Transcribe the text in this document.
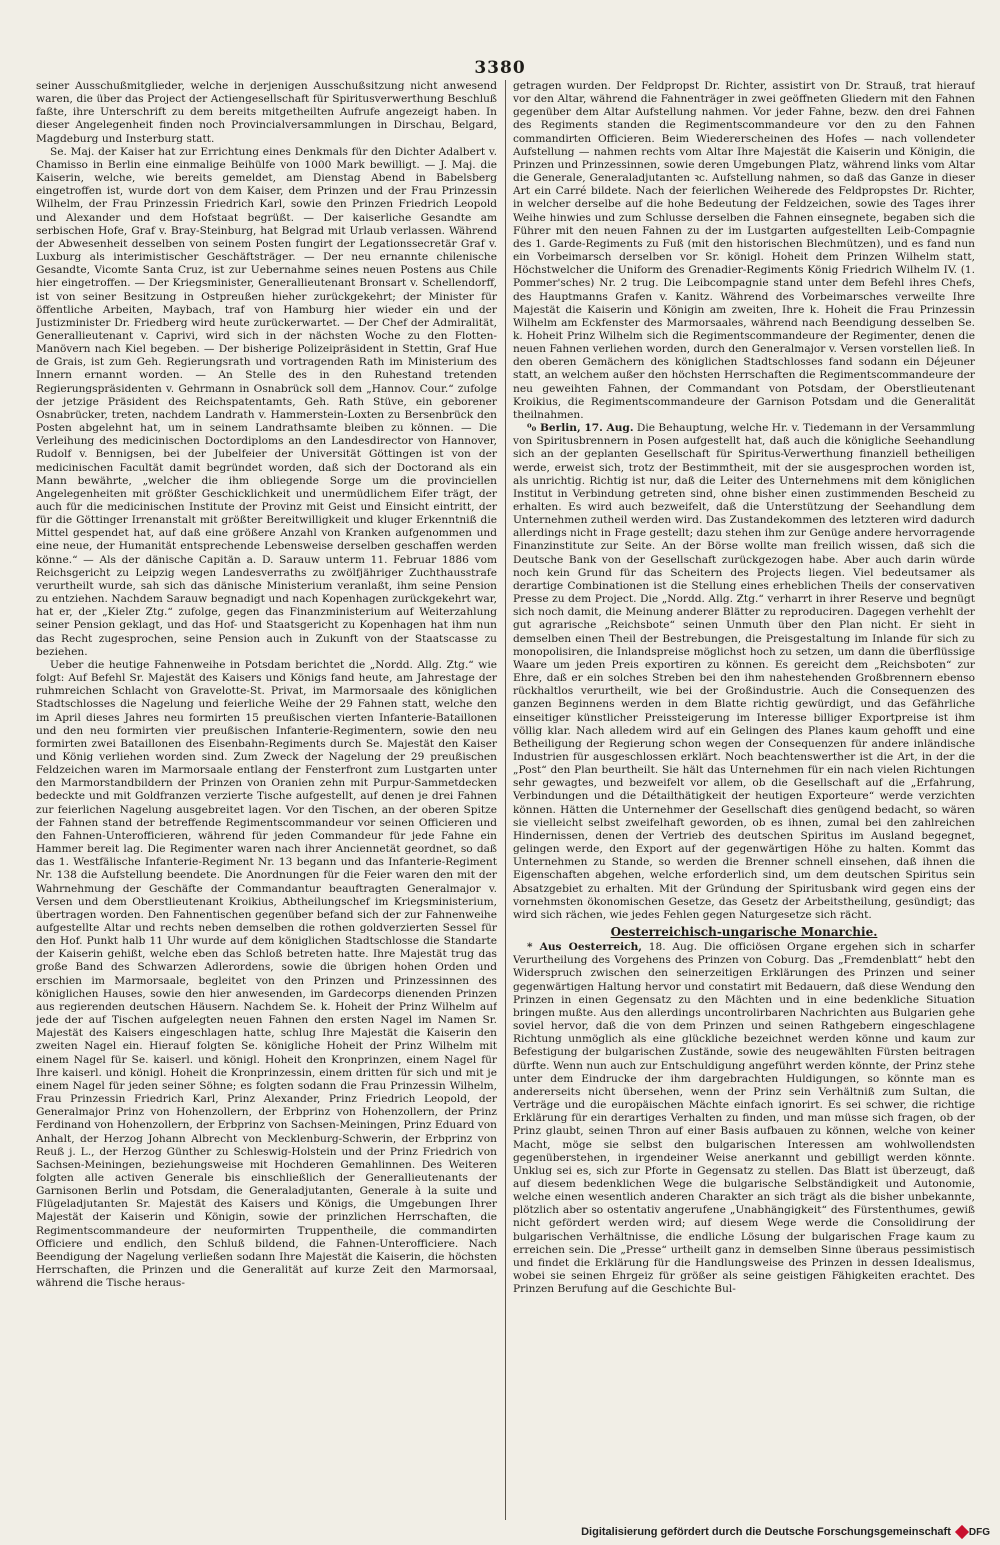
3380

seiner Ausschußmitglieder, welche in derjenigen Ausschußsitzung nicht anwesend waren, die über das Project der Actiengesellschaft für Spiritusverwerthung Beschluß faßte, ihre Unterschrift zu dem bereits mitgetheilten Aufrufe angezeigt haben. In dieser Angelegenheit finden noch Provincialversammlungen in Dirschau, Belgard, Magdeburg und Insterburg statt.

Se. Maj. der Kaiser hat zur Errichtung eines Denkmals für den Dichter Adalbert v. Chamisso in Berlin eine einmalige Beihülfe von 1000 Mark bewilligt. — J. Maj. die Kaiserin, welche, wie bereits gemeldet, am Dienstag Abend in Babelsberg eingetroffen ist, wurde dort von dem Kaiser, dem Prinzen und der Frau Prinzessin Wilhelm, der Frau Prinzessin Friedrich Karl, sowie den Prinzen Friedrich Leopold und Alexander und dem Hofstaat begrüßt. — Der kaiserliche Gesandte am serbischen Hofe, Graf v. Bray-Steinburg, hat Belgrad mit Urlaub verlassen. Während der Abwesenheit desselben von seinem Posten fungirt der Legationssecretär Graf v. Luxburg als interimistischer Geschäftsträger. — Der neu ernannte chilenische Gesandte, Vicomte Santa Cruz, ist zur Uebernahme seines neuen Postens aus Chile hier eingetroffen. — Der Kriegsminister, Generallieutenant Bronsart v. Schellendorff, ist von seiner Besitzung in Ostpreußen hieher zurückgekehrt; der Minister für öffentliche Arbeiten, Maybach, traf von Hamburg hier wieder ein und der Justizminister Dr. Friedberg wird heute zurückerwartet. — Der Chef der Admiralität, Generallieutenant v. Caprivi, wird sich in der nächsten Woche zu den Flotten-Manövern nach Kiel begeben. — Der bisherige Polizeipräsident in Stettin, Graf Hue de Grais, ist zum Geh. Regierungsrath und vortragenden Rath im Ministerium des Innern ernannt worden. — An Stelle des in den Ruhestand tretenden Regierungspräsidenten v. Gehrmann in Osnabrück soll dem „Hannov. Cour.“ zufolge der jetzige Präsident des Reichspatentamts, Geh. Rath Stüve, ein geborener Osnabrücker, treten, nachdem Landrath v. Hammerstein-Loxten zu Bersenbrück den Posten abgelehnt hat, um in seinem Landrathsamte bleiben zu können. — Die Verleihung des medicinischen Doctordiploms an den Landesdirector von Hannover, Rudolf v. Bennigsen, bei der Jubelfeier der Universität Göttingen ist von der medicinischen Facultät damit begründet worden, daß sich der Doctorand als ein Mann bewährte, „welcher die ihm obliegende Sorge um die provinciellen Angelegenheiten mit größter Geschicklichkeit und unermüdlichem Eifer trägt, der auch für die medicinischen Institute der Provinz mit Geist und Einsicht eintritt, der für die Göttinger Irrenanstalt mit größter Bereitwilligkeit und kluger Erkenntniß die Mittel gespendet hat, auf daß eine größere Anzahl von Kranken aufgenommen und eine neue, der Humanität entsprechende Lebensweise derselben geschaffen werden könne.“ — Als der dänische Capitän a. D. Sarauw unterm 11. Februar 1886 vom Reichsgericht zu Leipzig wegen Landesverraths zu zwölfjähriger Zuchthausstrafe verurtheilt wurde, sah sich das dänische Ministerium veranlaßt, ihm seine Pension zu entziehen. Nachdem Sarauw begnadigt und nach Kopenhagen zurückgekehrt war, hat er, der „Kieler Ztg.“ zufolge, gegen das Finanzministerium auf Weiterzahlung seiner Pension geklagt, und das Hof- und Staatsgericht zu Kopenhagen hat ihm nun das Recht zugesprochen, seine Pension auch in Zukunft von der Staatscasse zu beziehen.

Ueber die heutige Fahnenweihe in Potsdam berichtet die „Nordd. Allg. Ztg.“ wie folgt: Auf Befehl Sr. Majestät des Kaisers und Königs fand heute, am Jahrestage der ruhmreichen Schlacht von Gravelotte-St. Privat, im Marmorsaale des königlichen Stadtschlosses die Nagelung und feierliche Weihe der 29 Fahnen statt, welche den im April dieses Jahres neu formirten 15 preußischen vierten Infanterie-Bataillonen und den neu formirten vier preußischen Infanterie-Regimentern, sowie den neu formirten zwei Bataillonen des Eisenbahn-Regiments durch Se. Majestät den Kaiser und König verliehen worden sind. Zum Zweck der Nagelung der 29 preußischen Feldzeichen waren im Marmorsaale entlang der Fensterfront zum Lustgarten unter den Marmorstandbildern der Prinzen von Oranien zehn mit Purpur-Sammetdecken bedeckte und mit Goldfranzen verzierte Tische aufgestellt, auf denen je drei Fahnen zur feierlichen Nagelung ausgebreitet lagen. Vor den Tischen, an der oberen Spitze der Fahnen stand der betreffende Regimentscommandeur vor seinen Officieren und den Fahnen-Unterofficieren, während für jeden Commandeur für jede Fahne ein Hammer bereit lag. Die Regimenter waren nach ihrer Anciennetät geordnet, so daß das 1. Westfälische Infanterie-Regiment Nr. 13 begann und das Infanterie-Regiment Nr. 138 die Aufstellung beendete. Die Anordnungen für die Feier waren den mit der Wahrnehmung der Geschäfte der Commandantur beauftragten Generalmajor v. Versen und dem Oberstlieutenant Kroikius, Abtheilungschef im Kriegsministerium, übertragen worden. Den Fahnentischen gegenüber befand sich der zur Fahnenweihe aufgestellte Altar und rechts neben demselben die rothen goldverzierten Sessel für den Hof. Punkt halb 11 Uhr wurde auf dem königlichen Stadtschlosse die Standarte der Kaiserin gehißt, welche eben das Schloß betreten hatte. Ihre Majestät trug das große Band des Schwarzen Adlerordens, sowie die übrigen hohen Orden und erschien im Marmorsaale, begleitet von den Prinzen und Prinzessinnen des königlichen Hauses, sowie den hier anwesenden, im Gardecorps dienenden Prinzen aus regierenden deutschen Häusern. Nachdem Se. k. Hoheit der Prinz Wilhelm auf jede der auf Tischen aufgelegten neuen Fahnen den ersten Nagel im Namen Sr. Majestät des Kaisers eingeschlagen hatte, schlug Ihre Majestät die Kaiserin den zweiten Nagel ein. Hierauf folgten Se. königliche Hoheit der Prinz Wilhelm mit einem Nagel für Se. kaiserl. und königl. Hoheit den Kronprinzen, einem Nagel für Ihre kaiserl. und königl. Hoheit die Kronprinzessin, einem dritten für sich und mit je einem Nagel für jeden seiner Söhne; es folgten sodann die Frau Prinzessin Wilhelm, Frau Prinzessin Friedrich Karl, Prinz Alexander, Prinz Friedrich Leopold, der Generalmajor Prinz von Hohenzollern, der Erbprinz von Hohenzollern, der Prinz Ferdinand von Hohenzollern, der Erbprinz von Sachsen-Meiningen, Prinz Eduard von Anhalt, der Herzog Johann Albrecht von Mecklenburg-Schwerin, der Erbprinz von Reuß j. L., der Herzog Günther zu Schleswig-Holstein und der Prinz Friedrich von Sachsen-Meiningen, beziehungsweise mit Hochderen Gemahlinnen. Des Weiteren folgten alle activen Generale bis einschließlich der Generallieutenants der Garnisonen Berlin und Potsdam, die Generaladjutanten, Generale à la suite und Flügeladjutanten Sr. Majestät des Kaisers und Königs, die Umgebungen Ihrer Majestät der Kaiserin und Königin, sowie der prinzlichen Herrschaften, die Regimentscommandeure der neuformirten Truppentheile, die commandirten Officiere und endlich, den Schluß bildend, die Fahnen-Unterofficiere. Nach Beendigung der Nagelung verließen sodann Ihre Majestät die Kaiserin, die höchsten Herrschaften, die Prinzen und die Generalität auf kurze Zeit den Marmorsaal, während die Tische heraus-

getragen wurden. Der Feldpropst Dr. Richter, assistirt von Dr. Strauß, trat hierauf vor den Altar, während die Fahnenträger in zwei geöffneten Gliedern mit den Fahnen gegenüber dem Altar Aufstellung nahmen. Vor jeder Fahne, bezw. den drei Fahnen des Regiments standen die Regimentscommandeure vor den zu den Fahnen commandirten Officieren. Beim Wiedererscheinen des Hofes — nach vollendeter Aufstellung — nahmen rechts vom Altar Ihre Majestät die Kaiserin und Königin, die Prinzen und Prinzessinnen, sowie deren Umgebungen Platz, während links vom Altar die Generale, Generaladjutanten ꝛc. Aufstellung nahmen, so daß das Ganze in dieser Art ein Carré bildete. Nach der feierlichen Weiherede des Feldpropstes Dr. Richter, in welcher derselbe auf die hohe Bedeutung der Feldzeichen, sowie des Tages ihrer Weihe hinwies und zum Schlusse derselben die Fahnen einsegnete, begaben sich die Führer mit den neuen Fahnen zu der im Lustgarten aufgestellten Leib-Compagnie des 1. Garde-Regiments zu Fuß (mit den historischen Blechmützen), und es fand nun ein Vorbeimarsch derselben vor Sr. königl. Hoheit dem Prinzen Wilhelm statt, Höchstwelcher die Uniform des Grenadier-Regiments König Friedrich Wilhelm IV. (1. Pommer'sches) Nr. 2 trug. Die Leibcompagnie stand unter dem Befehl ihres Chefs, des Hauptmanns Grafen v. Kanitz. Während des Vorbeimarsches verweilte Ihre Majestät die Kaiserin und Königin am zweiten, Ihre k. Hoheit die Frau Prinzessin Wilhelm am Eckfenster des Marmorsaales, während nach Beendigung desselben Se. k. Hoheit Prinz Wilhelm sich die Regimentscommandeure der Regimenter, denen die neuen Fahnen verliehen worden, durch den Generalmajor v. Versen vorstellen ließ. In den oberen Gemächern des königlichen Stadtschlosses fand sodann ein Déjeuner statt, an welchem außer den höchsten Herrschaften die Regimentscommandeure der neu geweihten Fahnen, der Commandant von Potsdam, der Oberstlieutenant Kroikius, die Regimentscommandeure der Garnison Potsdam und die Generalität theilnahmen.

⁰₀ Berlin, 17. Aug. Die Behauptung, welche Hr. v. Tiedemann in der Versammlung von Spiritusbrennern in Posen aufgestellt hat, daß auch die königliche Seehandlung sich an der geplanten Gesellschaft für Spiritus-Verwerthung finanziell betheiligen werde, erweist sich, trotz der Bestimmtheit, mit der sie ausgesprochen worden ist, als unrichtig. Richtig ist nur, daß die Leiter des Unternehmens mit dem königlichen Institut in Verbindung getreten sind, ohne bisher einen zustimmenden Bescheid zu erhalten. Es wird auch bezweifelt, daß die Unterstützung der Seehandlung dem Unternehmen zutheil werden wird. Das Zustandekommen des letzteren wird dadurch allerdings nicht in Frage gestellt; dazu stehen ihm zur Genüge andere hervorragende Finanzinstitute zur Seite. An der Börse wollte man freilich wissen, daß sich die Deutsche Bank von der Gesellschaft zurückgezogen habe. Aber auch darin würde noch kein Grund für das Scheitern des Projects liegen. Viel bedeutsamer als derartige Combinationen ist die Stellung eines erheblichen Theils der conservativen Presse zu dem Project. Die „Nordd. Allg. Ztg.“ verharrt in ihrer Reserve und begnügt sich noch damit, die Meinung anderer Blätter zu reproduciren. Dagegen verhehlt der gut agrarische „Reichsbote“ seinen Unmuth über den Plan nicht. Er sieht in demselben einen Theil der Bestrebungen, die Preisgestaltung im Inlande für sich zu monopolisiren, die Inlandspreise möglichst hoch zu setzen, um dann die überflüssige Waare um jeden Preis exportiren zu können. Es gereicht dem „Reichsboten“ zur Ehre, daß er ein solches Streben bei den ihm nahestehenden Großbrennern ebenso rückhaltlos verurtheilt, wie bei der Großindustrie. Auch die Consequenzen des ganzen Beginnens werden in dem Blatte richtig gewürdigt, und das Gefährliche einseitiger künstlicher Preissteigerung im Interesse billiger Exportpreise ist ihm völlig klar. Nach alledem wird auf ein Gelingen des Planes kaum gehofft und eine Betheiligung der Regierung schon wegen der Consequenzen für andere inländische Industrien für ausgeschlossen erklärt. Noch beachtenswerther ist die Art, in der die „Post“ den Plan beurtheilt. Sie hält das Unternehmen für ein nach vielen Richtungen sehr gewagtes, und bezweifelt vor allem, ob die Gesellschaft auf die „Erfahrung, Verbindungen und die Détailthätigkeit der heutigen Exporteure“ werde verzichten können. Hätten die Unternehmer der Gesellschaft dies genügend bedacht, so wären sie vielleicht selbst zweifelhaft geworden, ob es ihnen, zumal bei den zahlreichen Hindernissen, denen der Vertrieb des deutschen Spiritus im Ausland begegnet, gelingen werde, den Export auf der gegenwärtigen Höhe zu halten. Kommt das Unternehmen zu Stande, so werden die Brenner schnell einsehen, daß ihnen die Eigenschaften abgehen, welche erforderlich sind, um dem deutschen Spiritus sein Absatzgebiet zu erhalten. Mit der Gründung der Spiritusbank wird gegen eins der vornehmsten ökonomischen Gesetze, das Gesetz der Arbeitstheilung, gesündigt; das wird sich rächen, wie jedes Fehlen gegen Naturgesetze sich rächt.

Oesterreichisch-ungarische Monarchie.

* Aus Oesterreich, 18. Aug. Die officiösen Organe ergehen sich in scharfer Verurtheilung des Vorgehens des Prinzen von Coburg. Das „Fremdenblatt“ hebt den Widerspruch zwischen den seinerzeitigen Erklärungen des Prinzen und seiner gegenwärtigen Haltung hervor und constatirt mit Bedauern, daß diese Wendung den Prinzen in einen Gegensatz zu den Mächten und in eine bedenkliche Situation bringen mußte. Aus den allerdings uncontrolirbaren Nachrichten aus Bulgarien gehe soviel hervor, daß die von dem Prinzen und seinen Rathgebern eingeschlagene Richtung unmöglich als eine glückliche bezeichnet werden könne und kaum zur Befestigung der bulgarischen Zustände, sowie des neugewählten Fürsten beitragen dürfte. Wenn nun auch zur Entschuldigung angeführt werden könnte, der Prinz stehe unter dem Eindrucke der ihm dargebrachten Huldigungen, so könnte man es andererseits nicht übersehen, wenn der Prinz sein Verhältniß zum Sultan, die Verträge und die europäischen Mächte einfach ignorirt. Es sei schwer, die richtige Erklärung für ein derartiges Verhalten zu finden, und man müsse sich fragen, ob der Prinz glaubt, seinen Thron auf einer Basis aufbauen zu können, welche von keiner Macht, möge sie selbst den bulgarischen Interessen am wohlwollendsten gegenüberstehen, in irgendeiner Weise anerkannt und gebilligt werden könnte. Unklug sei es, sich zur Pforte in Gegensatz zu stellen. Das Blatt ist überzeugt, daß auf diesem bedenklichen Wege die bulgarische Selbständigkeit und Autonomie, welche einen wesentlich anderen Charakter an sich trägt als die bisher unbekannte, plötzlich aber so ostentativ angerufene „Unabhängigkeit“ des Fürstenthumes, gewiß nicht gefördert werden wird; auf diesem Wege werde die Consolidirung der bulgarischen Verhältnisse, die endliche Lösung der bulgarischen Frage kaum zu erreichen sein. Die „Presse“ urtheilt ganz in demselben Sinne überaus pessimistisch und findet die Erklärung für die Handlungsweise des Prinzen in dessen Idealismus, wobei sie seinen Ehrgeiz für größer als seine geistigen Fähigkeiten erachtet. Des Prinzen Berufung auf die Geschichte Bul-

Digitalisierung gefördert durch die Deutsche Forschungsgemeinschaft DFG
